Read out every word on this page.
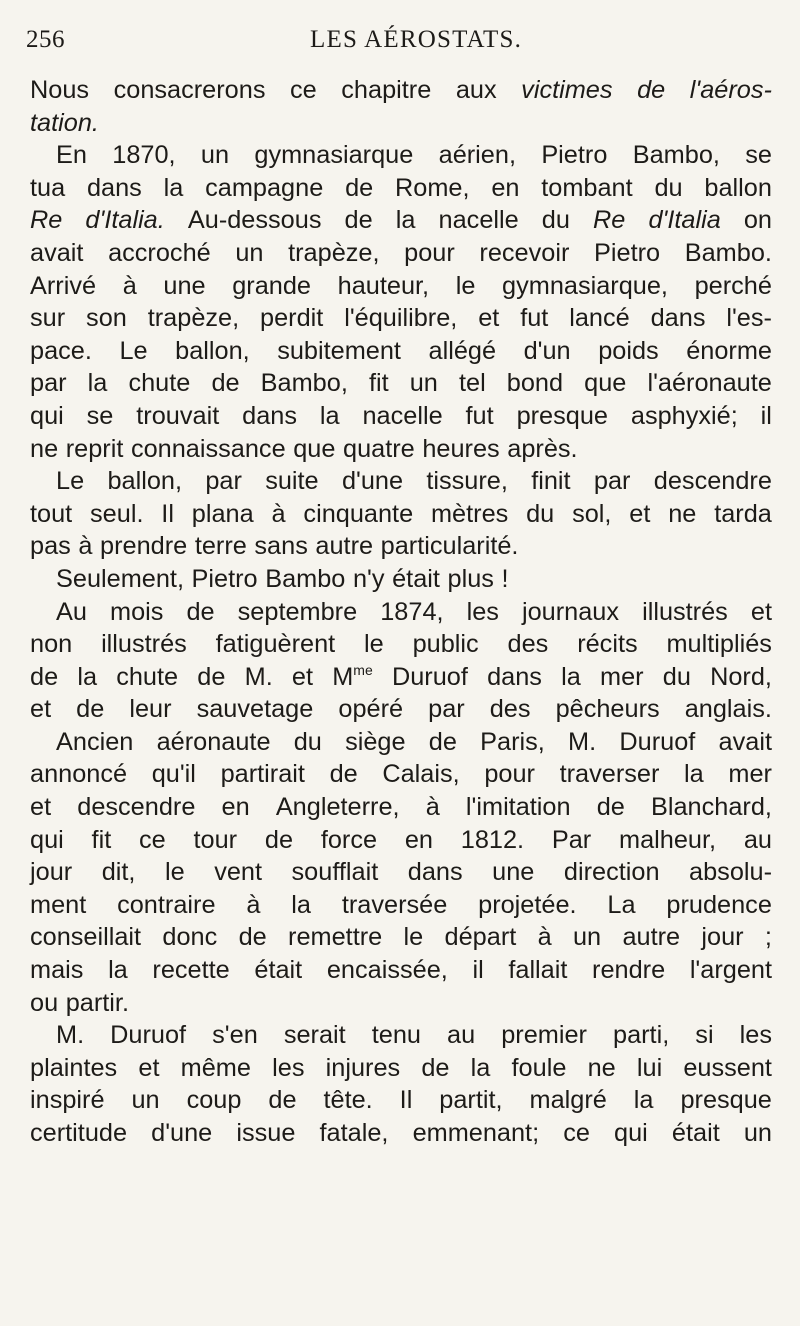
256	LES AÉROSTATS.
Nous consacrerons ce chapitre aux victimes de l'aéros-
tation.
En 1870, un gymnasiarque aérien, Pietro Bambo, se
tua dans la campagne de Rome, en tombant du ballon
Re d'Italia. Au-dessous de la nacelle du Re d'Italia on
avait accroché un trapèze, pour recevoir Pietro Bambo.
Arrivé à une grande hauteur, le gymnasiarque, perché
sur son trapèze, perdit l'équilibre, et fut lancé dans l'es-
pace. Le ballon, subitement allégé d'un poids énorme
par la chute de Bambo, fit un tel bond que l'aéronaute
qui se trouvait dans la nacelle fut presque asphyxié; il
ne reprit connaissance que quatre heures après.
Le ballon, par suite d'une tissure, finit par descendre
tout seul. Il plana à cinquante mètres du sol, et ne tarda
pas à prendre terre sans autre particularité.
Seulement, Pietro Bambo n'y était plus !
Au mois de septembre 1874, les journaux illustrés et
non illustrés fatiguèrent le public des récits multipliés
de la chute de M. et $M^{me}$ Duruof dans la mer du Nord,
et de leur sauvetage opéré par des pêcheurs anglais.
Ancien aéronaute du siège de Paris, M. Duruof avait
annoncé qu'il partirait de Calais, pour traverser la mer
et descendre en Angleterre, à l'imitation de Blanchard,
qui fit ce tour de force en 1812. Par malheur, au
jour dit, le vent soufflait dans une direction absolu-
ment contraire à la traversée projetée. La prudence
conseillait donc de remettre le départ à un autre jour ;
mais la recette était encaissée, il fallait rendre l'argent
ou partir.
M. Duruof s'en serait tenu au premier parti, si les
plaintes et même les injures de la foule ne lui eussent
inspiré un coup de tête. Il partit, malgré la presque
certitude d'une issue fatale, emmenant; ce qui était un
